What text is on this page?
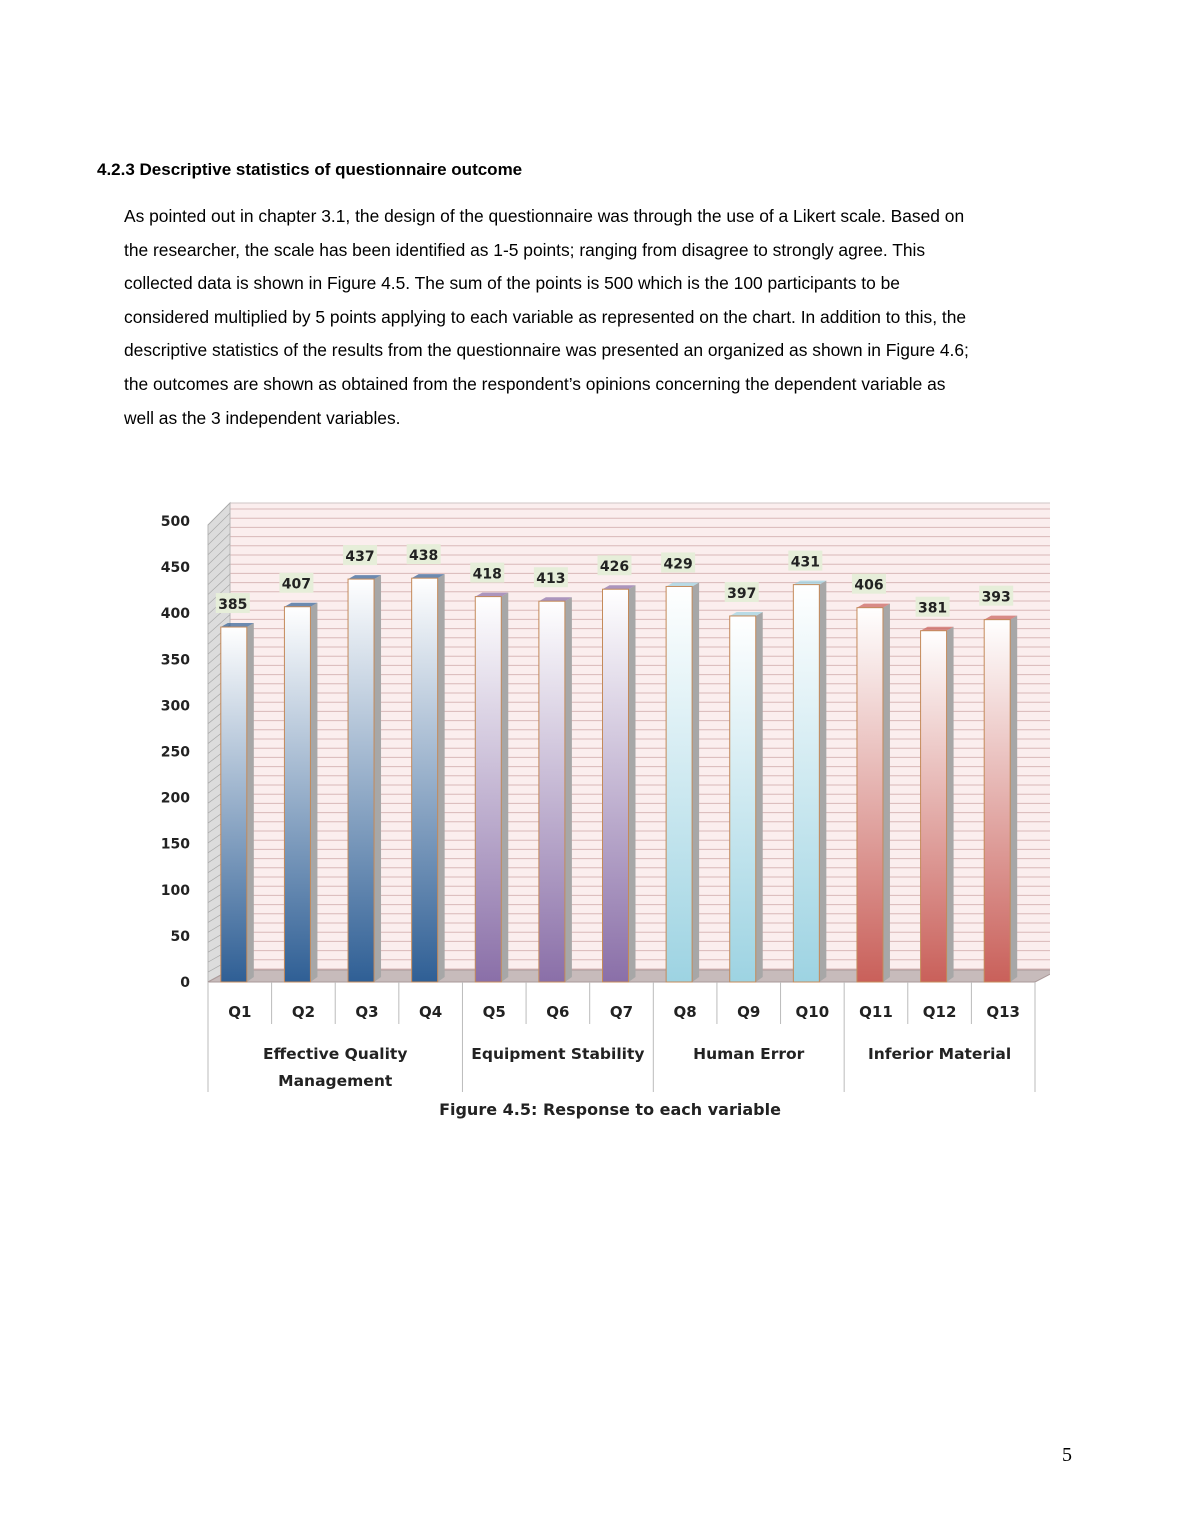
4.2.3 Descriptive statistics of questionnaire outcome

As pointed out in chapter 3.1, the design of the questionnaire was through the use of a Likert scale. Based on
the researcher, the scale has been identified as 1-5 points; ranging from disagree to strongly agree. This
collected data is shown in Figure 4.5. The sum of the points is 500 which is the 100 participants to be
considered multiplied by 5 points applying to each variable as represented on the chart. In addition to this, the
descriptive statistics of the results from the questionnaire was presented an organized as shown in Figure 4.6;
the outcomes are shown as obtained from the respondent’s opinions concerning the dependent variable as
well as the 3 independent variables.

0
50
100
150
200
250
300
350
400
450
500
385
407
437 438
418 413
426 429
397
431
406
381
393
Q1	Q2	Q3	Q4	Q5	Q6	Q7	Q8	Q9 Q10 Q11 Q12 Q13
Effective Quality
Management
Equipment Stability	Human Error	Inferior Material
Figure 4.5: Response to each variable
5
